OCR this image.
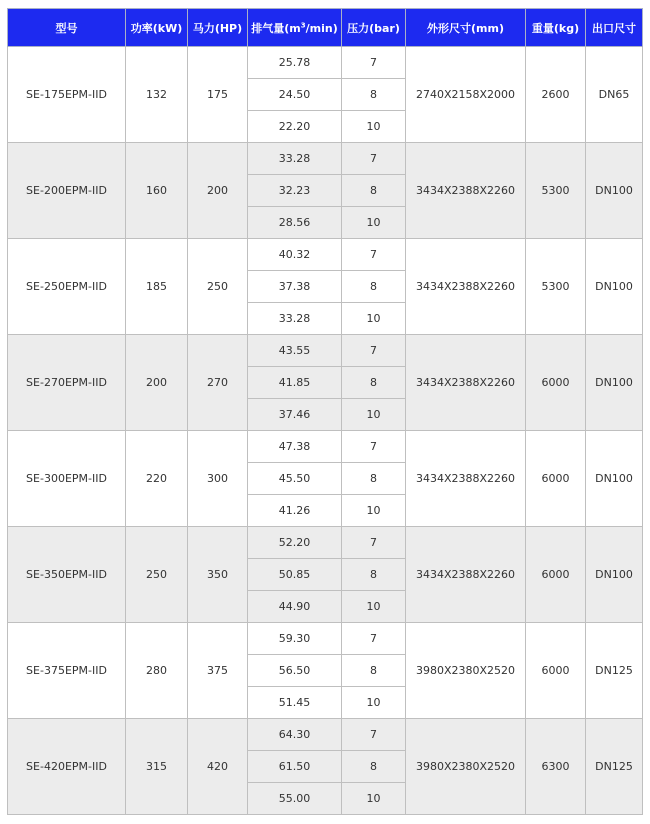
型号	功率(kW)	马力(HP)	排气量$(m^3/\min)$	压力(bar)	外形尺寸(mm)	重量(kg)	出口尺寸
SE-175EPM-IID	132	175	25.78	7	2740X2158X2000	2600	DN65
			24.50	8			
			22.20	10			
SE-200EPM-IID	160	200	33.28	7	3434X2388X2260	5300	DN100
			32.23	8			
			28.56	10			
SE-250EPM-IID	185	250	40.32	7	3434X2388X2260	5300	DN100
			37.38	8			
			33.28	10			
SE-270EPM-IID	200	270	43.55	7	3434X2388X2260	6000	DN100
			41.85	8			
			37.46	10			
SE-300EPM-IID	220	300	47.38	7	3434X2388X2260	6000	DN100
			45.50	8			
			41.26	10			
SE-350EPM-IID	250	350	52.20	7	3434X2388X2260	6000	DN100
			50.85	8			
			44.90	10			
SE-375EPM-IID	280	375	59.30	7	3980X2380X2520	6000	DN125
			56.50	8			
			51.45	10			
SE-420EPM-IID	315	420	64.30	7	3980X2380X2520	6300	DN125
			61.50	8			
			55.00	10			
